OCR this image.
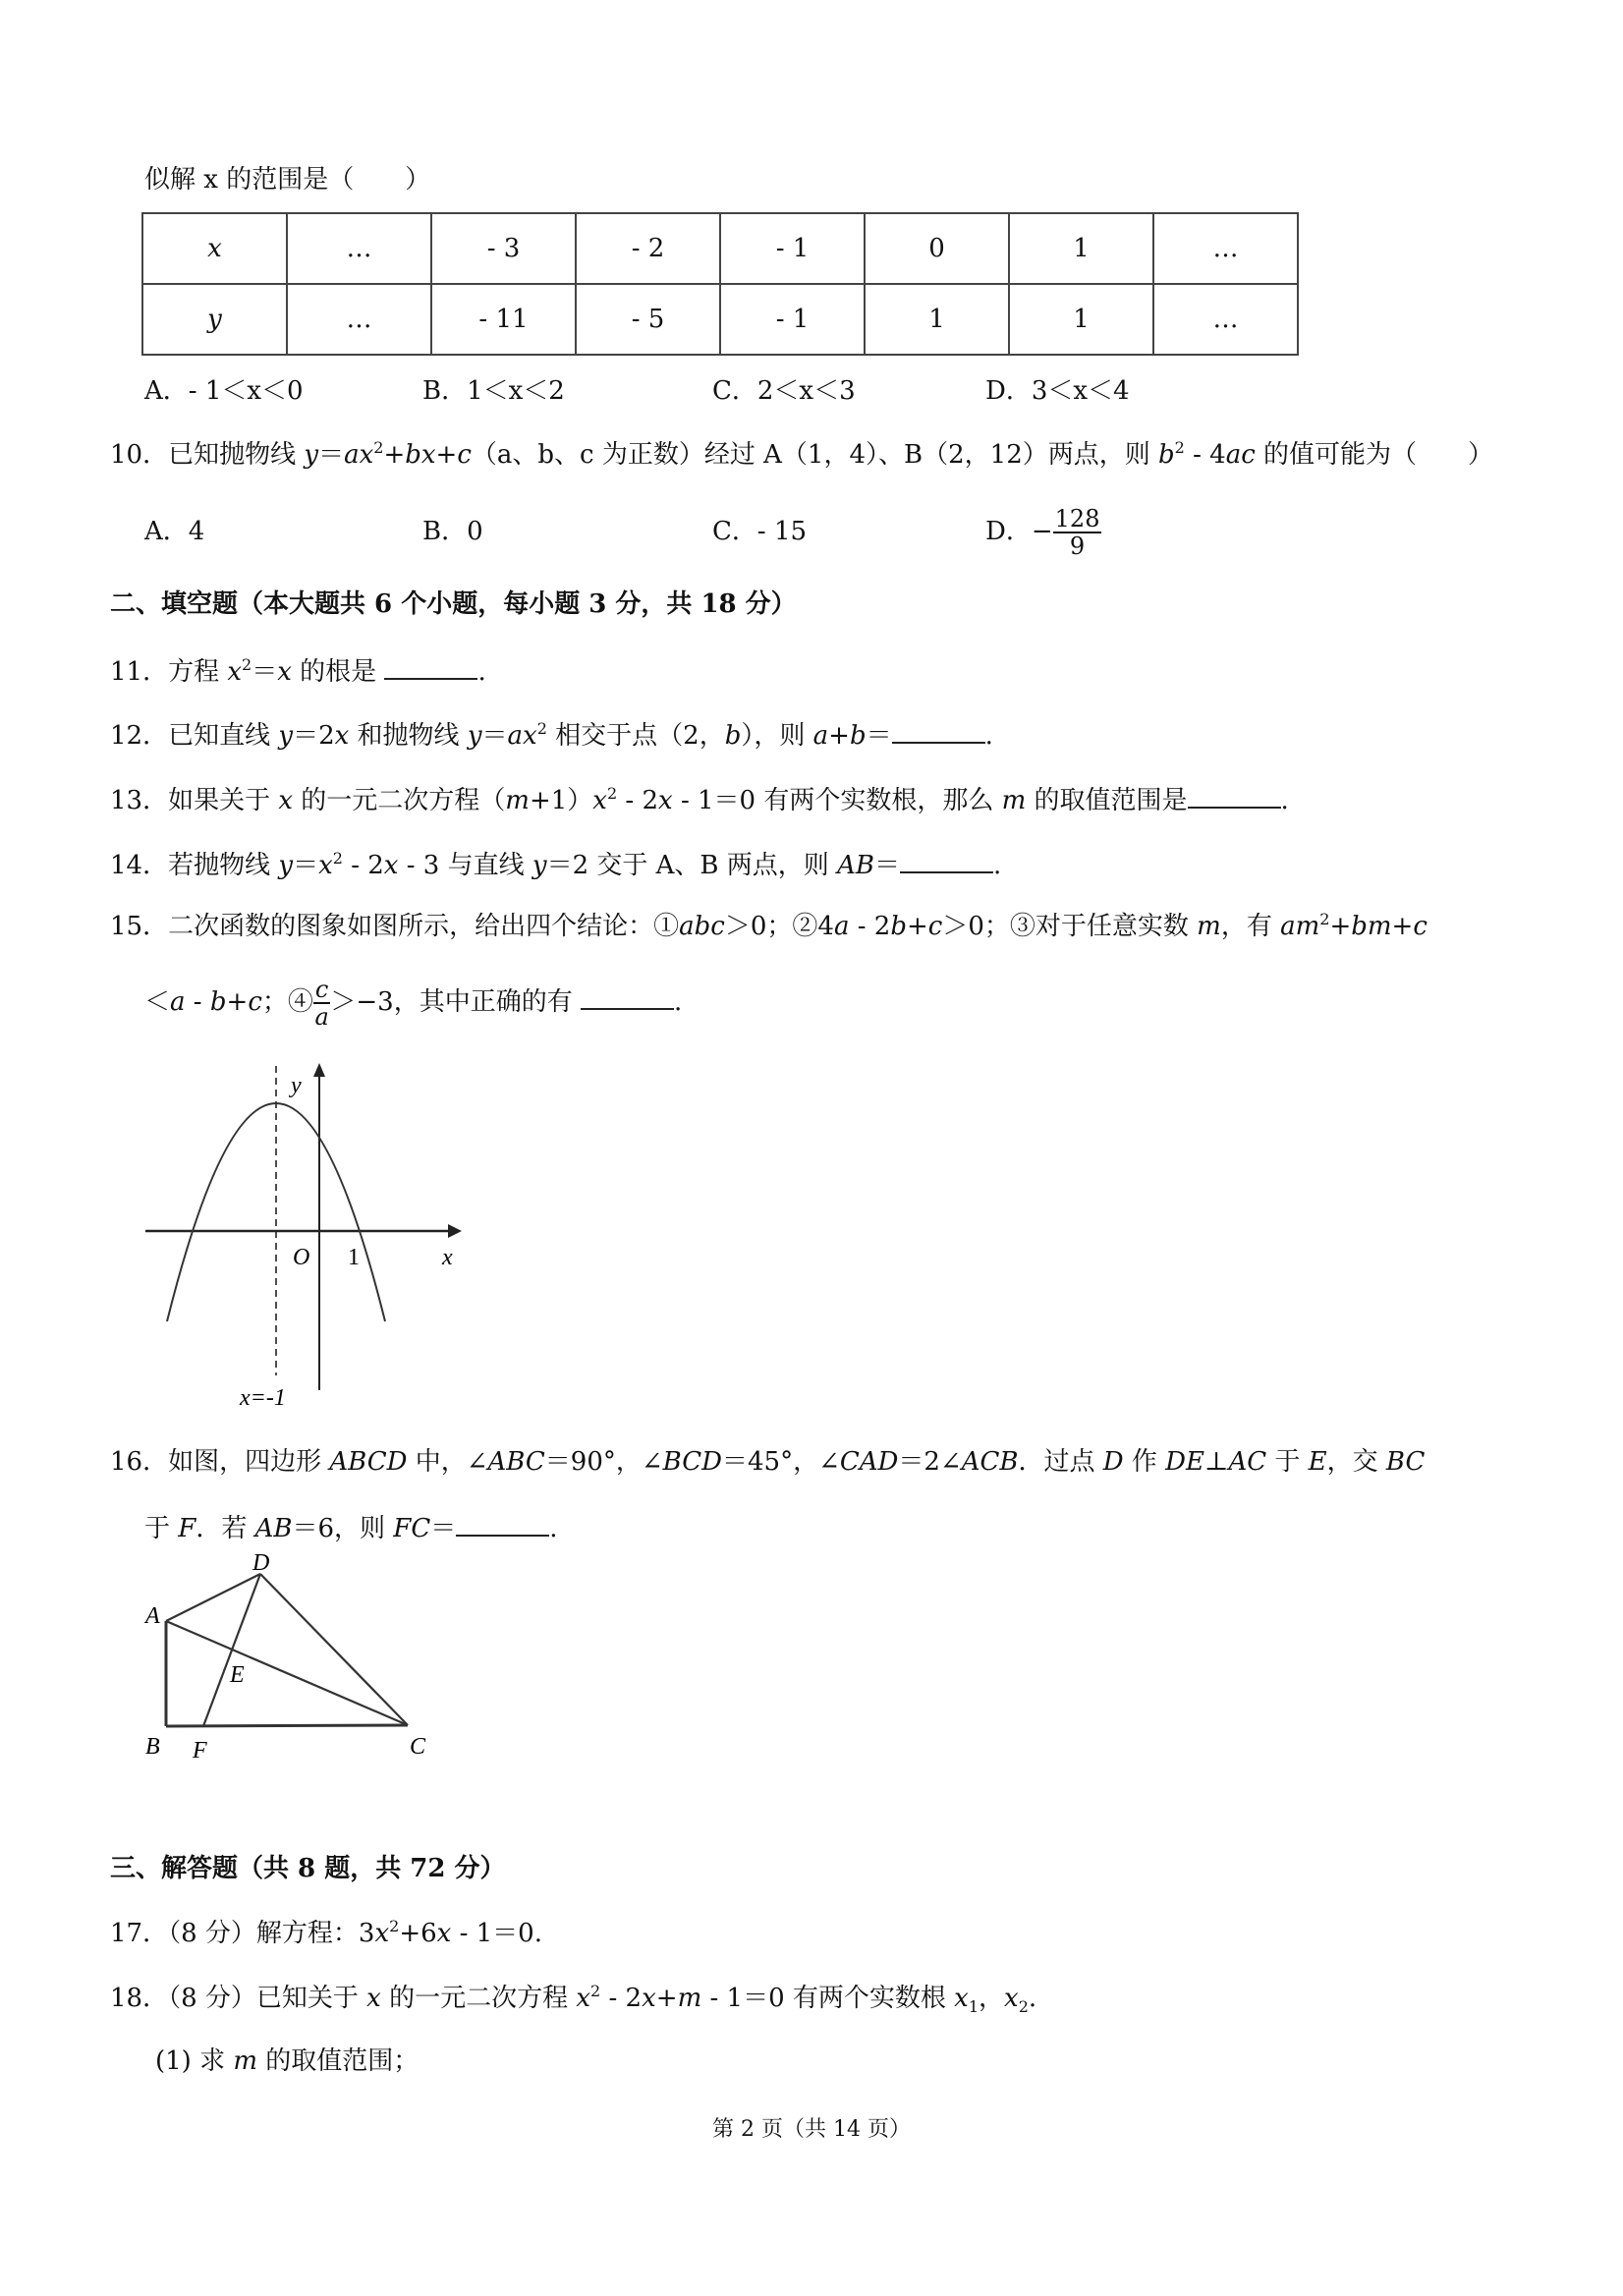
似解 x 的范围是（　　）
x	…	- 3	- 2	- 1	0	1	…
y	…	- 11	- 5	- 1	1	1	…
A．- 1＜x＜0	B．1＜x＜2	C．2＜x＜3	D．3＜x＜4
10．已知抛物线 $y=ax^2+bx+c(a$、b、c 为正数）经过 A（1，4）、B（2，12）两点，则 $b^2 - 4ac$ 的值可能为（　　）
A．4	B．0	C．- 15	D．− $\frac{128}{9}$
二、填空题（本大题共 6 个小题，每小题 3 分，共 18 分）
11．方程 $x^2=x$ 的根是	.
12．已知直线 y＝2x 和抛物线 $y=ax^2$ 相交于点（2，b），则 a+b＝	.
13．如果关于 x 的一元二次方程$(m+1)x^2 - 2x - 1=0$ 有两个实数根，那么 m 的取值范围是	.
14．若抛物线 $y=x^2 - 2x - 3$ 与直线 y＝2 交于 A、B 两点，则 AB＝	.
15．二次函数的图象如图所示，给出四个结论：①abc＞0；②4a - 2b+c＞0；③对于任意实数 m，有 $am^2+bm+c$
＜a - b+c；④ $\frac{c}{a} >-3$，其中正确的有	.
y
O 1	x
x=-1
A
B	C
D
E
F
16．如图，四边形 ABCD 中，∠ABC＝90°，∠BCD＝45°，∠CAD＝2∠ACB．过点 D 作 DE⊥AC 于 E，交 BC
于 F．若 AB＝6，则 FC＝	.
三、解答题（共 8 题，共 72 分）
17．（8 分）解方程：$3x^2+6x - 1=0$.
18．（8 分）已知关于 x 的一元二次方程 $x^2 - 2x+m - 1=0$ 有两个实数根 $x_1$，$x_2$.
(1) 求 m 的取值范围；
第 2 页（共 14 页）
